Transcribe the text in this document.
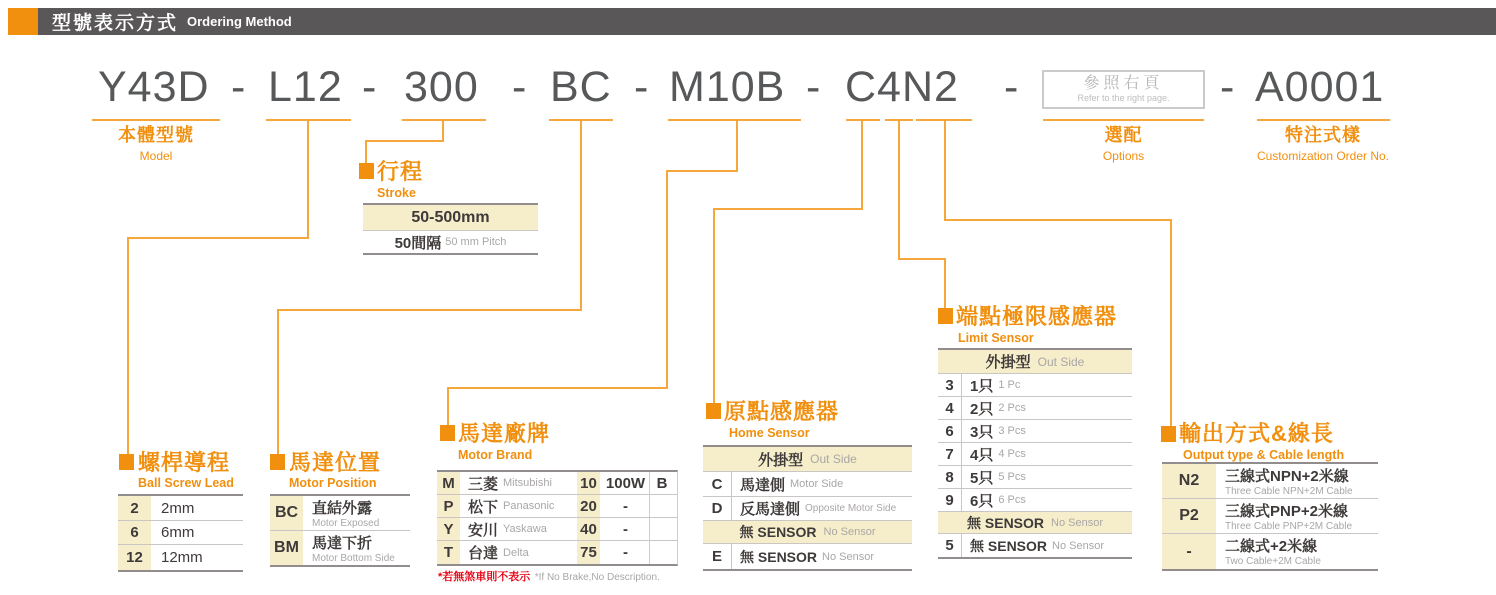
型號表示方式 Ordering Method
Y43D - L12 - 300 - BC - M10B - C4N2 -	參照右頁
Refer to the right page. - A0001
本體型號
Model
選配
Options
特注式樣
Customization Order No.
行程
Stroke
50-500mm
50間隔 50 mm Pitch
螺桿導程
Ball Screw Lead
2	2mm
6	6mm
12	12mm
馬達位置
Motor Position
BC 直結外露
Motor Exposed
BM 馬達下折
Motor Bottom Side
馬達廠牌
Motor Brand
M 三菱 Mitsubishi	10 100W B
P 松下 Panasonic	20	-
Y 安川 Yaskawa	40	-
T 台達 Delta	75	-
*若無煞車則不表示 *If No Brake,No Description.
原點感應器
Home Sensor
外掛型 Out Side
C	馬達側 Motor Side
D	反馬達側 Opposite Motor Side
無 SENSOR No Sensor
E	無 SENSOR No Sensor
端點極限感應器
Limit Sensor
外掛型 Out Side
3	1只 1 Pc
4	2只 2 Pcs
6	3只 3 Pcs
7	4只 4 Pcs
8	5只 5 Pcs
9	6只 6 Pcs
無 SENSOR No Sensor
5	無 SENSOR No Sensor
輸出方式&線長
Output type & Cable length
N2	三線式NPN+2米線
Three Cable NPN+2M Cable
P2	三線式PNP+2米線
Three Cable PNP+2M Cable
-	二線式+2米線
Two Cable+2M Cable
